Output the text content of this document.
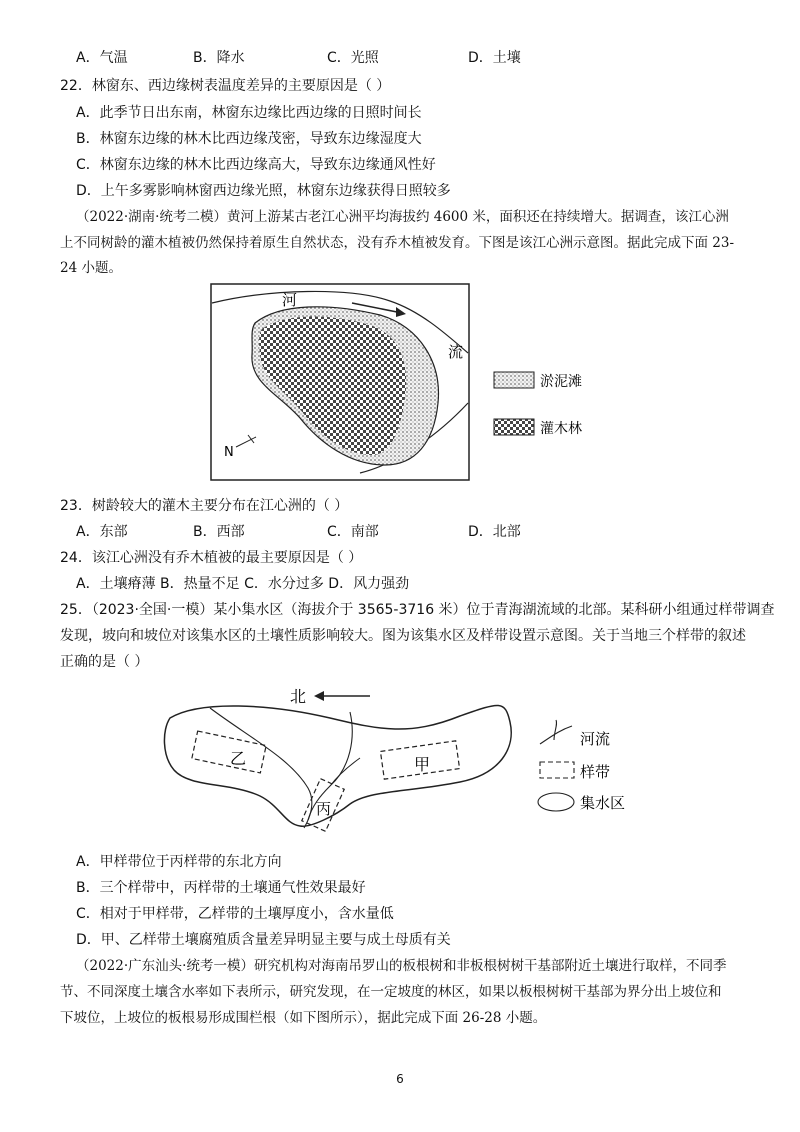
A．气温	B．降水	C．光照	D．土壤
22．林窗东、西边缘树表温度差异的主要原因是（ ）
A．此季节日出东南，林窗东边缘比西边缘的日照时间长
B．林窗东边缘的林木比西边缘茂密，导致东边缘湿度大
C．林窗东边缘的林木比西边缘高大，导致东边缘通风性好
D．上午多雾影响林窗西边缘光照，林窗东边缘获得日照较多
（2022·湖南·统考二模）黄河上游某古老江心洲平均海拔约 4600 米，面积还在持续增大。据调查，该江心洲
上不同树龄的灌木植被仍然保持着原生自然状态，没有乔木植被发育。下图是该江心洲示意图。据此完成下面 23-
24 小题。
河
流
N
淤泥滩
灌木林
23．树龄较大的灌木主要分布在江心洲的（ ）
A．东部	B．西部	C．南部	D．北部
24．该江心洲没有乔木植被的最主要原因是（ ）
A．土壤瘠薄 B．热量不足 C．水分过多 D．风力强劲
25．（2023·全国·一模）某小集水区（海拔介于 3565-3716 米）位于青海湖流域的北部。某科研小组通过样带调查
发现，坡向和坡位对该集水区的土壤性质影响较大。图为该集水区及样带设置示意图。关于当地三个样带的叙述
正确的是（ ）
北
乙	甲
丙
河流
样带
集水区
A．甲样带位于丙样带的东北方向
B．三个样带中，丙样带的土壤通气性效果最好
C．相对于甲样带，乙样带的土壤厚度小，含水量低
D．甲、乙样带土壤腐殖质含量差异明显主要与成土母质有关
（2022·广东汕头·统考一模）研究机构对海南吊罗山的板根树和非板根树树干基部附近土壤进行取样，不同季
节、不同深度土壤含水率如下表所示，研究发现，在一定坡度的林区，如果以板根树树干基部为界分出上坡位和
下坡位，上坡位的板根易形成围栏根（如下图所示），据此完成下面 26-28 小题。
6
